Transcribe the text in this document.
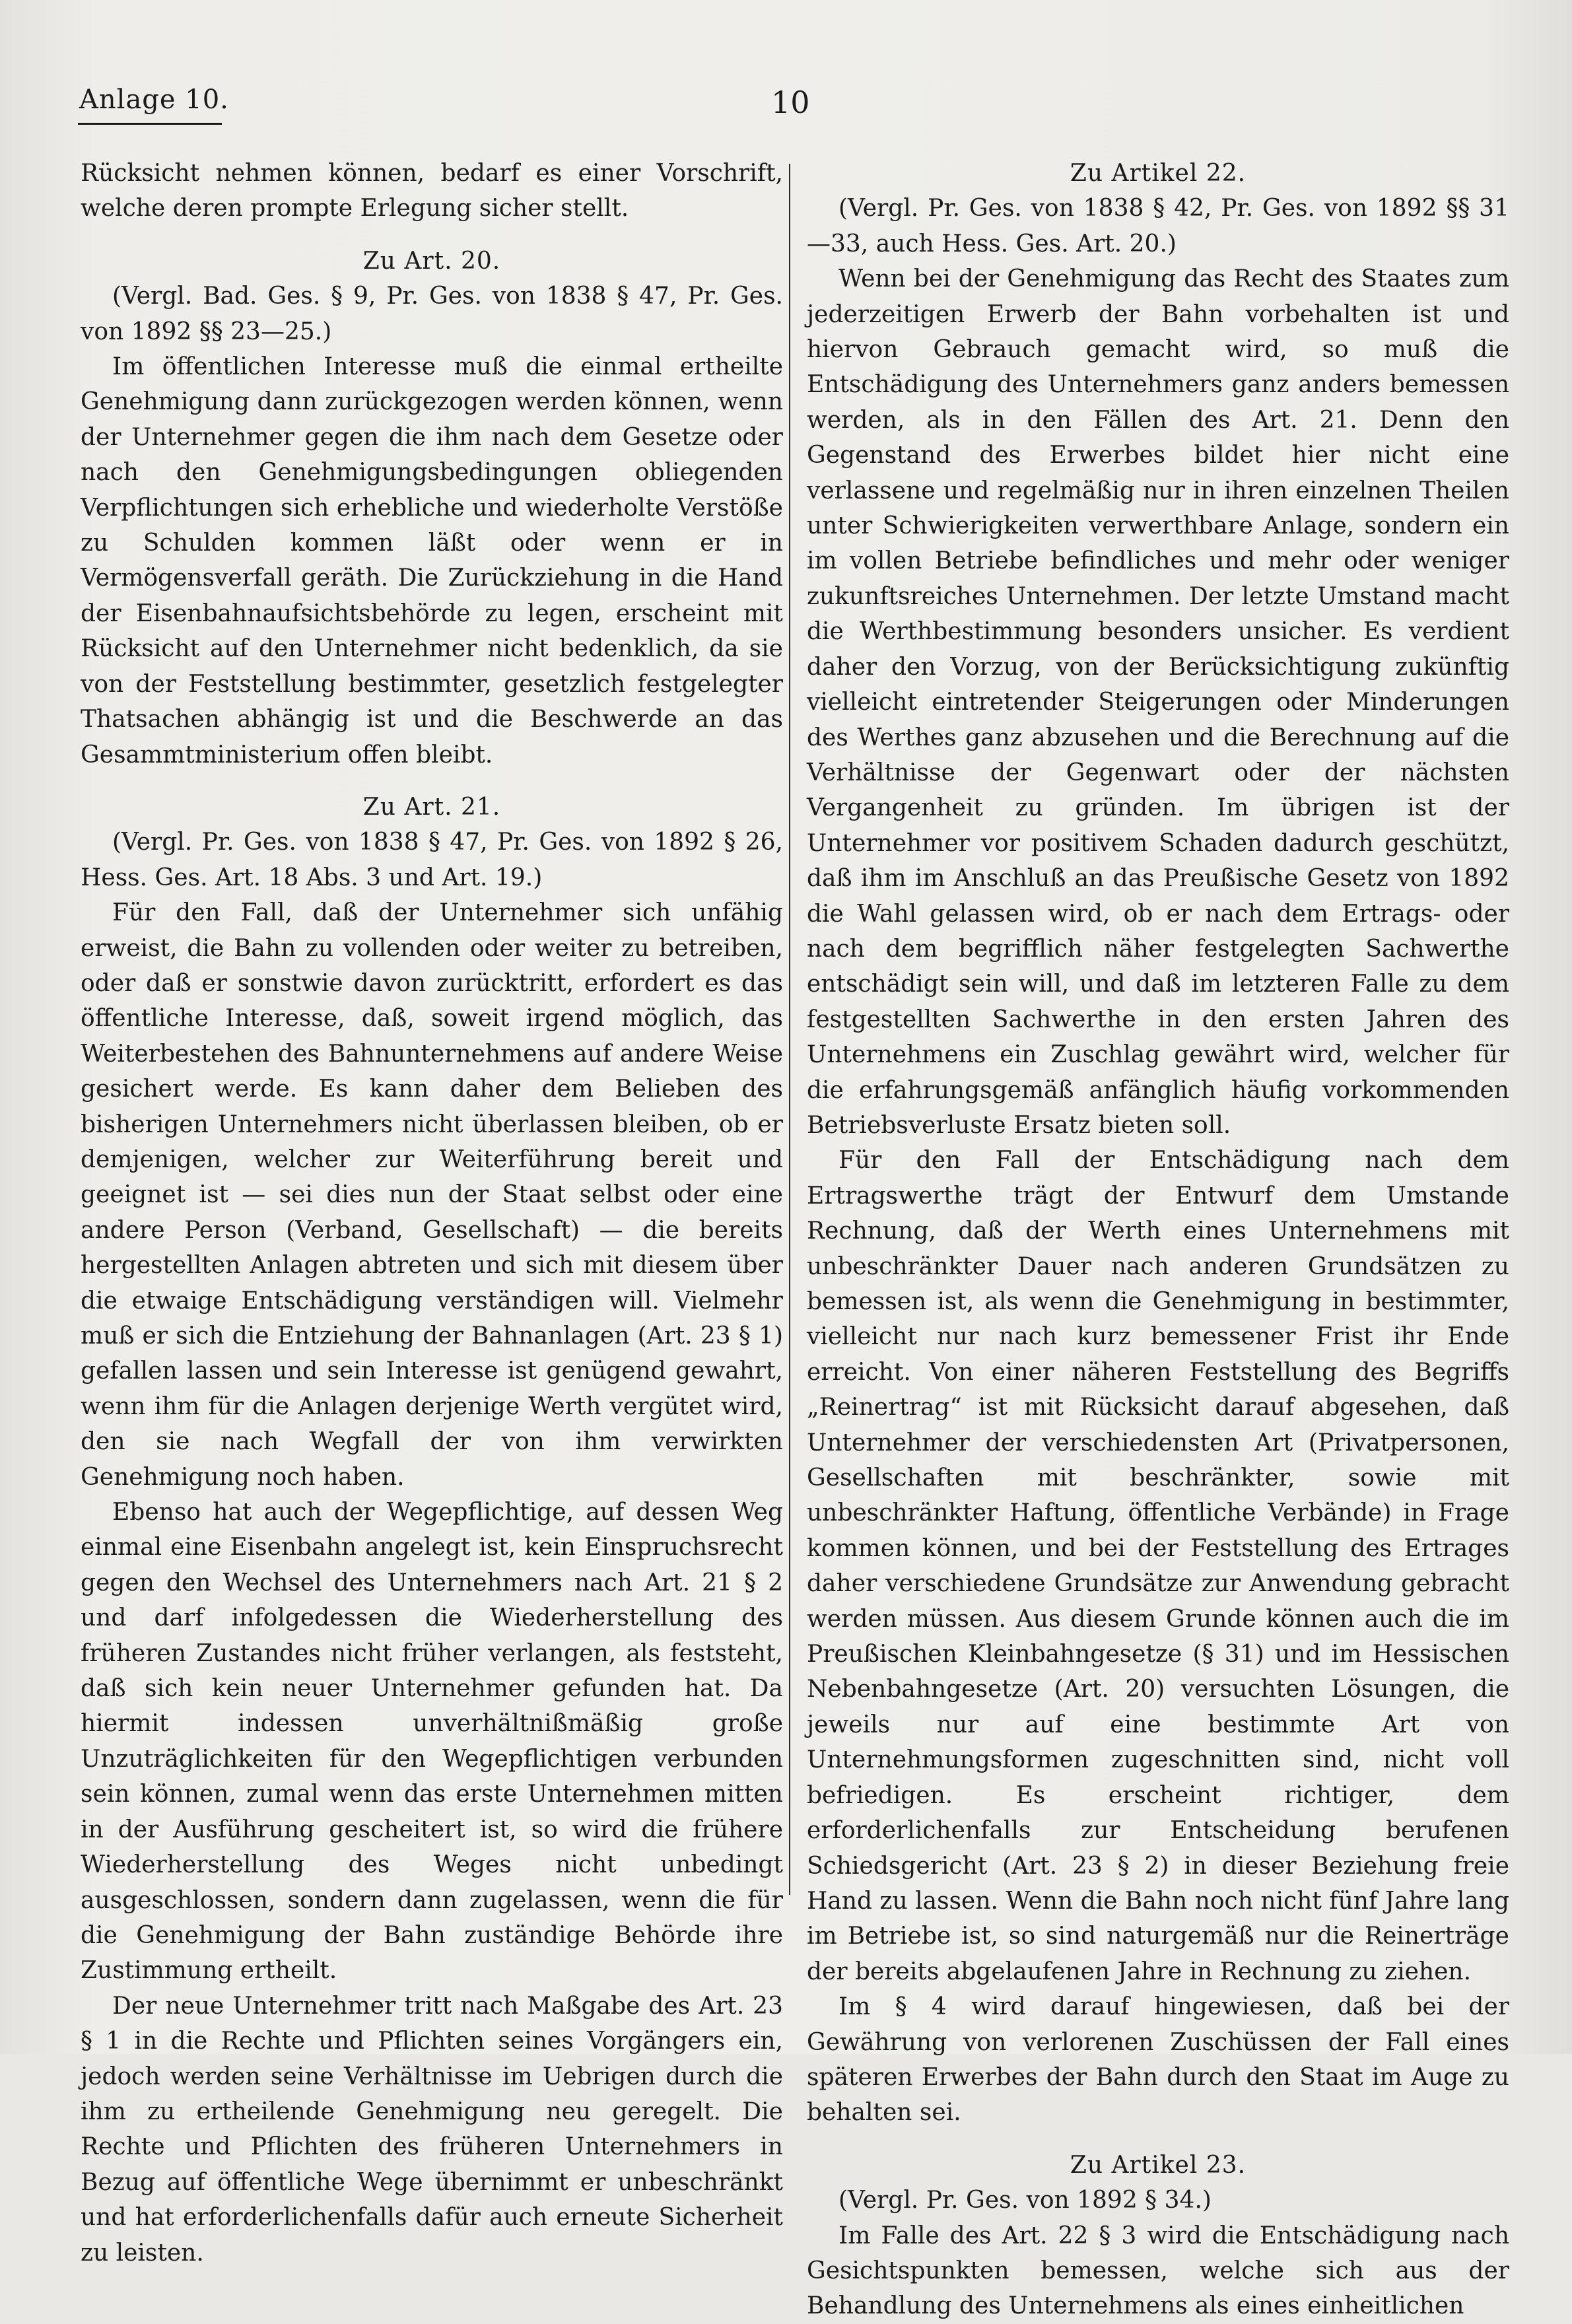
Anlage 10.	10

Rücksicht nehmen können, bedarf es einer Vorschrift, welche deren prompte Erlegung sicher stellt.

Zu Art. 20.

(Vergl. Bad. Ges. § 9, Pr. Ges. von 1838 § 47, Pr. Ges. von 1892 §§ 23—25.)

Im öffentlichen Interesse muß die einmal ertheilte Genehmigung dann zurückgezogen werden können, wenn der Unternehmer gegen die ihm nach dem Gesetze oder nach den Genehmigungsbedingungen obliegenden Verpflichtungen sich erhebliche und wiederholte Verstöße zu Schulden kommen läßt oder wenn er in Vermögensverfall geräth. Die Zurückziehung in die Hand der Eisenbahnaufsichtsbehörde zu legen, erscheint mit Rücksicht auf den Unternehmer nicht bedenklich, da sie von der Feststellung bestimmter, gesetzlich festgelegter Thatsachen abhängig ist und die Beschwerde an das Gesammtministerium offen bleibt.

Zu Art. 21.

(Vergl. Pr. Ges. von 1838 § 47, Pr. Ges. von 1892 § 26, Hess. Ges. Art. 18 Abs. 3 und Art. 19.)

Für den Fall, daß der Unternehmer sich unfähig erweist, die Bahn zu vollenden oder weiter zu betreiben, oder daß er sonstwie davon zurücktritt, erfordert es das öffentliche Interesse, daß, soweit irgend möglich, das Weiterbestehen des Bahnunternehmens auf andere Weise gesichert werde. Es kann daher dem Belieben des bisherigen Unternehmers nicht überlassen bleiben, ob er demjenigen, welcher zur Weiterführung bereit und geeignet ist — sei dies nun der Staat selbst oder eine andere Person (Verband, Gesellschaft) — die bereits hergestellten Anlagen abtreten und sich mit diesem über die etwaige Entschädigung verständigen will. Vielmehr muß er sich die Entziehung der Bahnanlagen (Art. 23 § 1) gefallen lassen und sein Interesse ist genügend gewahrt, wenn ihm für die Anlagen derjenige Werth vergütet wird, den sie nach Wegfall der von ihm verwirkten Genehmigung noch haben.

Ebenso hat auch der Wegepflichtige, auf dessen Weg einmal eine Eisenbahn angelegt ist, kein Einspruchsrecht gegen den Wechsel des Unternehmers nach Art. 21 § 2 und darf infolgedessen die Wiederherstellung des früheren Zustandes nicht früher verlangen, als feststeht, daß sich kein neuer Unternehmer gefunden hat. Da hiermit indessen unverhältnißmäßig große Unzuträglichkeiten für den Wegepflichtigen verbunden sein können, zumal wenn das erste Unternehmen mitten in der Ausführung gescheitert ist, so wird die frühere Wiederherstellung des Weges nicht unbedingt ausgeschlossen, sondern dann zugelassen, wenn die für die Genehmigung der Bahn zuständige Behörde ihre Zustimmung ertheilt.

Der neue Unternehmer tritt nach Maßgabe des Art. 23 § 1 in die Rechte und Pflichten seines Vorgängers ein, jedoch werden seine Verhältnisse im Uebrigen durch die ihm zu ertheilende Genehmigung neu geregelt. Die Rechte und Pflichten des früheren Unternehmers in Bezug auf öffentliche Wege übernimmt er unbeschränkt und hat erforderlichenfalls dafür auch erneute Sicherheit zu leisten.

Zu Artikel 22.

(Vergl. Pr. Ges. von 1838 § 42, Pr. Ges. von 1892 §§ 31—33, auch Hess. Ges. Art. 20.)

Wenn bei der Genehmigung das Recht des Staates zum jederzeitigen Erwerb der Bahn vorbehalten ist und hiervon Gebrauch gemacht wird, so muß die Entschädigung des Unternehmers ganz anders bemessen werden, als in den Fällen des Art. 21. Denn den Gegenstand des Erwerbes bildet hier nicht eine verlassene und regelmäßig nur in ihren einzelnen Theilen unter Schwierigkeiten verwerthbare Anlage, sondern ein im vollen Betriebe befindliches und mehr oder weniger zukunftsreiches Unternehmen. Der letzte Umstand macht die Werthbestimmung besonders unsicher. Es verdient daher den Vorzug, von der Berücksichtigung zukünftig vielleicht eintretender Steigerungen oder Minderungen des Werthes ganz abzusehen und die Berechnung auf die Verhältnisse der Gegenwart oder der nächsten Vergangenheit zu gründen. Im übrigen ist der Unternehmer vor positivem Schaden dadurch geschützt, daß ihm im Anschluß an das Preußische Gesetz von 1892 die Wahl gelassen wird, ob er nach dem Ertrags- oder nach dem begrifflich näher festgelegten Sachwerthe entschädigt sein will, und daß im letzteren Falle zu dem festgestellten Sachwerthe in den ersten Jahren des Unternehmens ein Zuschlag gewährt wird, welcher für die erfahrungsgemäß anfänglich häufig vorkommenden Betriebsverluste Ersatz bieten soll.

Für den Fall der Entschädigung nach dem Ertragswerthe trägt der Entwurf dem Umstande Rechnung, daß der Werth eines Unternehmens mit unbeschränkter Dauer nach anderen Grundsätzen zu bemessen ist, als wenn die Genehmigung in bestimmter, vielleicht nur nach kurz bemessener Frist ihr Ende erreicht. Von einer näheren Feststellung des Begriffs „Reinertrag“ ist mit Rücksicht darauf abgesehen, daß Unternehmer der verschiedensten Art (Privatpersonen, Gesellschaften mit beschränkter, sowie mit unbeschränkter Haftung, öffentliche Verbände) in Frage kommen können, und bei der Feststellung des Ertrages daher verschiedene Grundsätze zur Anwendung gebracht werden müssen. Aus diesem Grunde können auch die im Preußischen Kleinbahngesetze (§ 31) und im Hessischen Nebenbahngesetze (Art. 20) versuchten Lösungen, die jeweils nur auf eine bestimmte Art von Unternehmungsformen zugeschnitten sind, nicht voll befriedigen. Es erscheint richtiger, dem erforderlichenfalls zur Entscheidung berufenen Schiedsgericht (Art. 23 § 2) in dieser Beziehung freie Hand zu lassen. Wenn die Bahn noch nicht fünf Jahre lang im Betriebe ist, so sind naturgemäß nur die Reinerträge der bereits abgelaufenen Jahre in Rechnung zu ziehen.

Im § 4 wird darauf hingewiesen, daß bei der Gewährung von verlorenen Zuschüssen der Fall eines späteren Erwerbes der Bahn durch den Staat im Auge zu behalten sei.

Zu Artikel 23.

(Vergl. Pr. Ges. von 1892 § 34.)

Im Falle des Art. 22 § 3 wird die Entschädigung nach Gesichtspunkten bemessen, welche sich aus der Behandlung des Unternehmens als eines einheitlichen
